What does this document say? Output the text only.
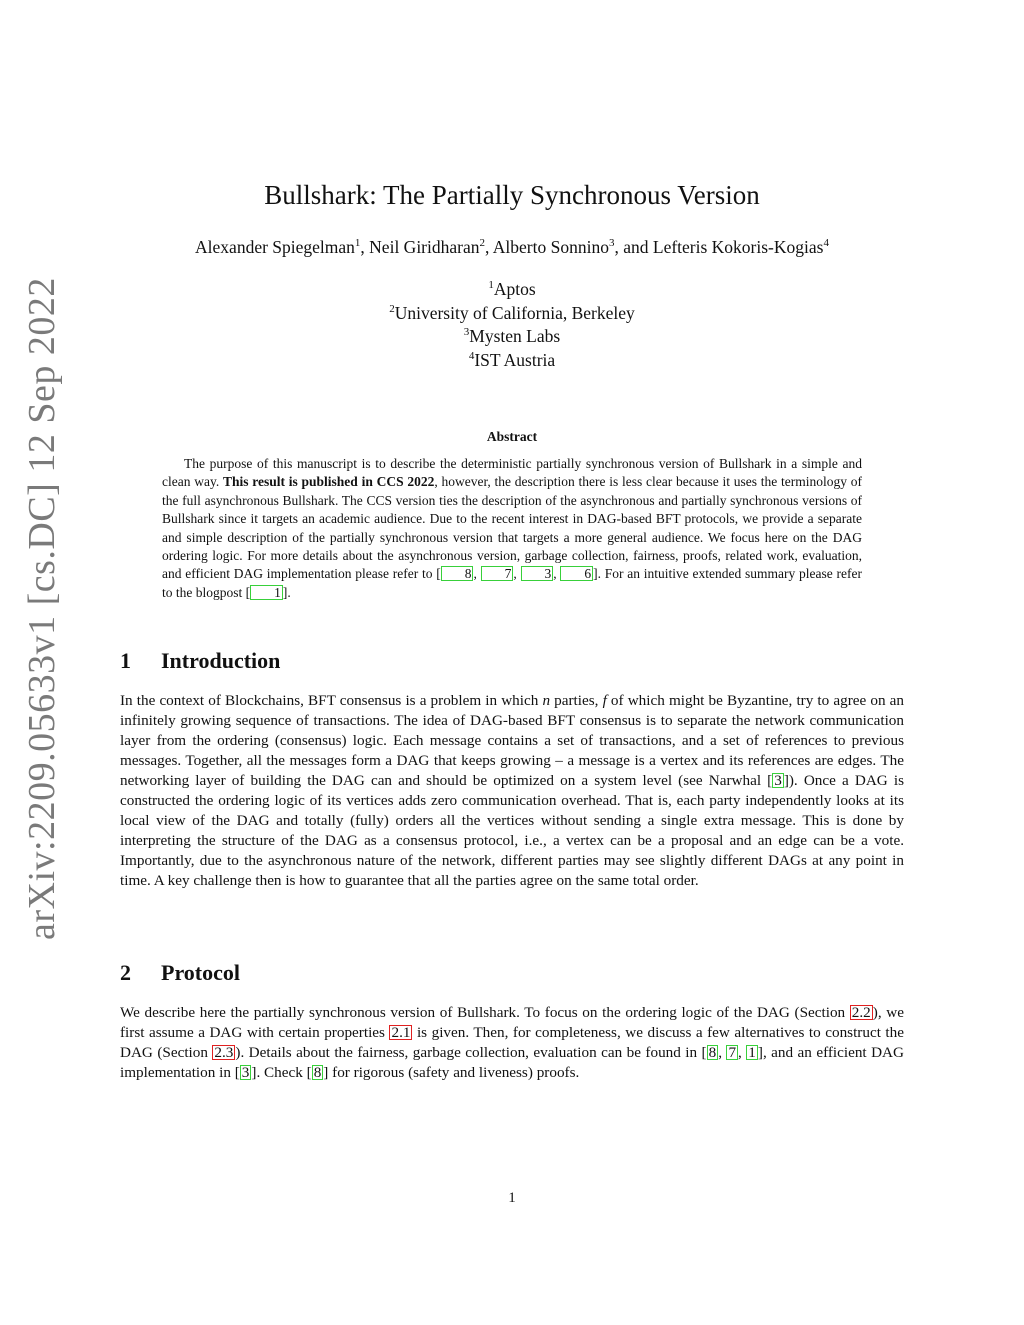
arXiv:2209.05633v1 [cs.DC] 12 Sep 2022
Bullshark: The Partially Synchronous Version
Alexander Spiegelman$^1$, Neil Giridharan$^2$, Alberto Sonnino$^3$, and Lefteris Kokoris-Kogias$^4$
$^1$Aptos
$^2$University of California, Berkeley
$^3$Mysten Labs
$^4$IST Austria
Abstract
The purpose of this manuscript is to describe the deterministic partially synchronous version of Bullshark in a simple and clean way. This result is published in CCS 2022, however, the description there is less clear because it uses the terminology of the full asynchronous Bullshark. The CCS version ties the description of the asynchronous and partially synchronous versions of Bullshark since it targets an academic audience. Due to the recent interest in DAG-based BFT protocols, we provide a separate and simple description of the partially synchronous version that targets a more general audience. We focus here on the DAG ordering logic. For more details about the asynchronous version, garbage collection, fairness, proofs, related work, evaluation, and efficient DAG implementation please refer to [ 8 , 7 , 3 , 6 ]. For an intuitive extended summary please refer to the blogpost [ 1 ].
1 Introduction
In the context of Blockchains, BFT consensus is a problem in which n parties, f of which might be Byzantine, try to agree on an infinitely growing sequence of transactions. The idea of DAG-based BFT consensus is to separate the network communication layer from the ordering (consensus) logic. Each message contains a set of transactions, and a set of references to previous messages. Together, all the messages form a DAG that keeps growing – a message is a vertex and its references are edges. The networking layer of building the DAG can and should be optimized on a system level (see Narwhal [ 3 ]). Once a DAG is constructed the ordering logic of its vertices adds zero communication overhead. That is, each party independently looks at its local view of the DAG and totally (fully) orders all the vertices without sending a single extra message. This is done by interpreting the structure of the DAG as a consensus protocol, i.e., a vertex can be a proposal and an edge can be a vote. Importantly, due to the asynchronous nature of the network, different parties may see slightly different DAGs at any point in time. A key challenge then is how to guarantee that all the parties agree on the same total order.
2 Protocol
We describe here the partially synchronous version of Bullshark. To focus on the ordering logic of the DAG (Section 2.2 ), we first assume a DAG with certain properties 2.1 is given. Then, for completeness, we discuss a few alternatives to construct the DAG (Section 2.3 ). Details about the fairness, garbage collection, evaluation can be found in [ 8 , 7 , 1 ], and an efficient DAG implementation in [ 3 ]. Check [ 8 ] for rigorous (safety and liveness) proofs.
1
